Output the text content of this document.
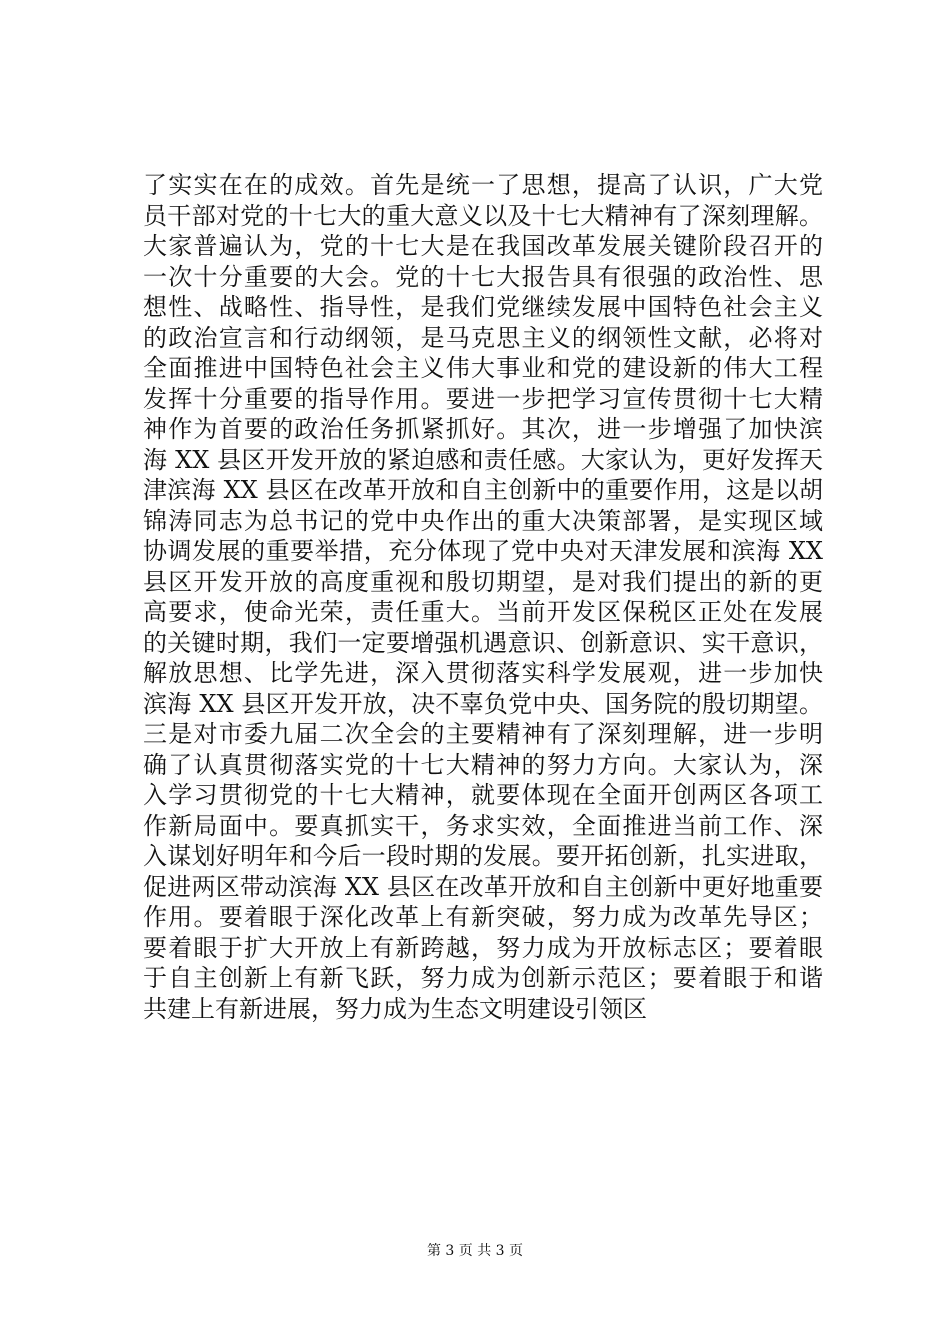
了实实在在的成效。首先是统一了思想，提高了认识，广大党
员干部对党的十七大的重大意义以及十七大精神有了深刻理解。
大家普遍认为，党的十七大是在我国改革发展关键阶段召开的
一次十分重要的大会。党的十七大报告具有很强的政治性、思
想性、战略性、指导性，是我们党继续发展中国特色社会主义
的政治宣言和行动纲领，是马克思主义的纲领性文献，必将对
全面推进中国特色社会主义伟大事业和党的建设新的伟大工程
发挥十分重要的指导作用。要进一步把学习宣传贯彻十七大精
神作为首要的政治任务抓紧抓好。其次，进一步增强了加快滨
海 XX 县区开发开放的紧迫感和责任感。大家认为，更好发挥天
津滨海 XX 县区在改革开放和自主创新中的重要作用，这是以胡
锦涛同志为总书记的党中央作出的重大决策部署，是实现区域
协调发展的重要举措，充分体现了党中央对天津发展和滨海 XX
县区开发开放的高度重视和殷切期望，是对我们提出的新的更
高要求，使命光荣，责任重大。当前开发区保税区正处在发展
的关键时期，我们一定要增强机遇意识、创新意识、实干意识，
解放思想、比学先进，深入贯彻落实科学发展观，进一步加快
滨海 XX 县区开发开放，决不辜负党中央、国务院的殷切期望。
三是对市委九届二次全会的主要精神有了深刻理解，进一步明
确了认真贯彻落实党的十七大精神的努力方向。大家认为，深
入学习贯彻党的十七大精神，就要体现在全面开创两区各项工
作新局面中。要真抓实干，务求实效，全面推进当前工作、深
入谋划好明年和今后一段时期的发展。要开拓创新，扎实进取，
促进两区带动滨海 XX 县区在改革开放和自主创新中更好地重要
作用。要着眼于深化改革上有新突破，努力成为改革先导区；
要着眼于扩大开放上有新跨越，努力成为开放标志区；要着眼
于自主创新上有新飞跃，努力成为创新示范区；要着眼于和谐
共建上有新进展，努力成为生态文明建设引领区
第 3 页 共 3 页
